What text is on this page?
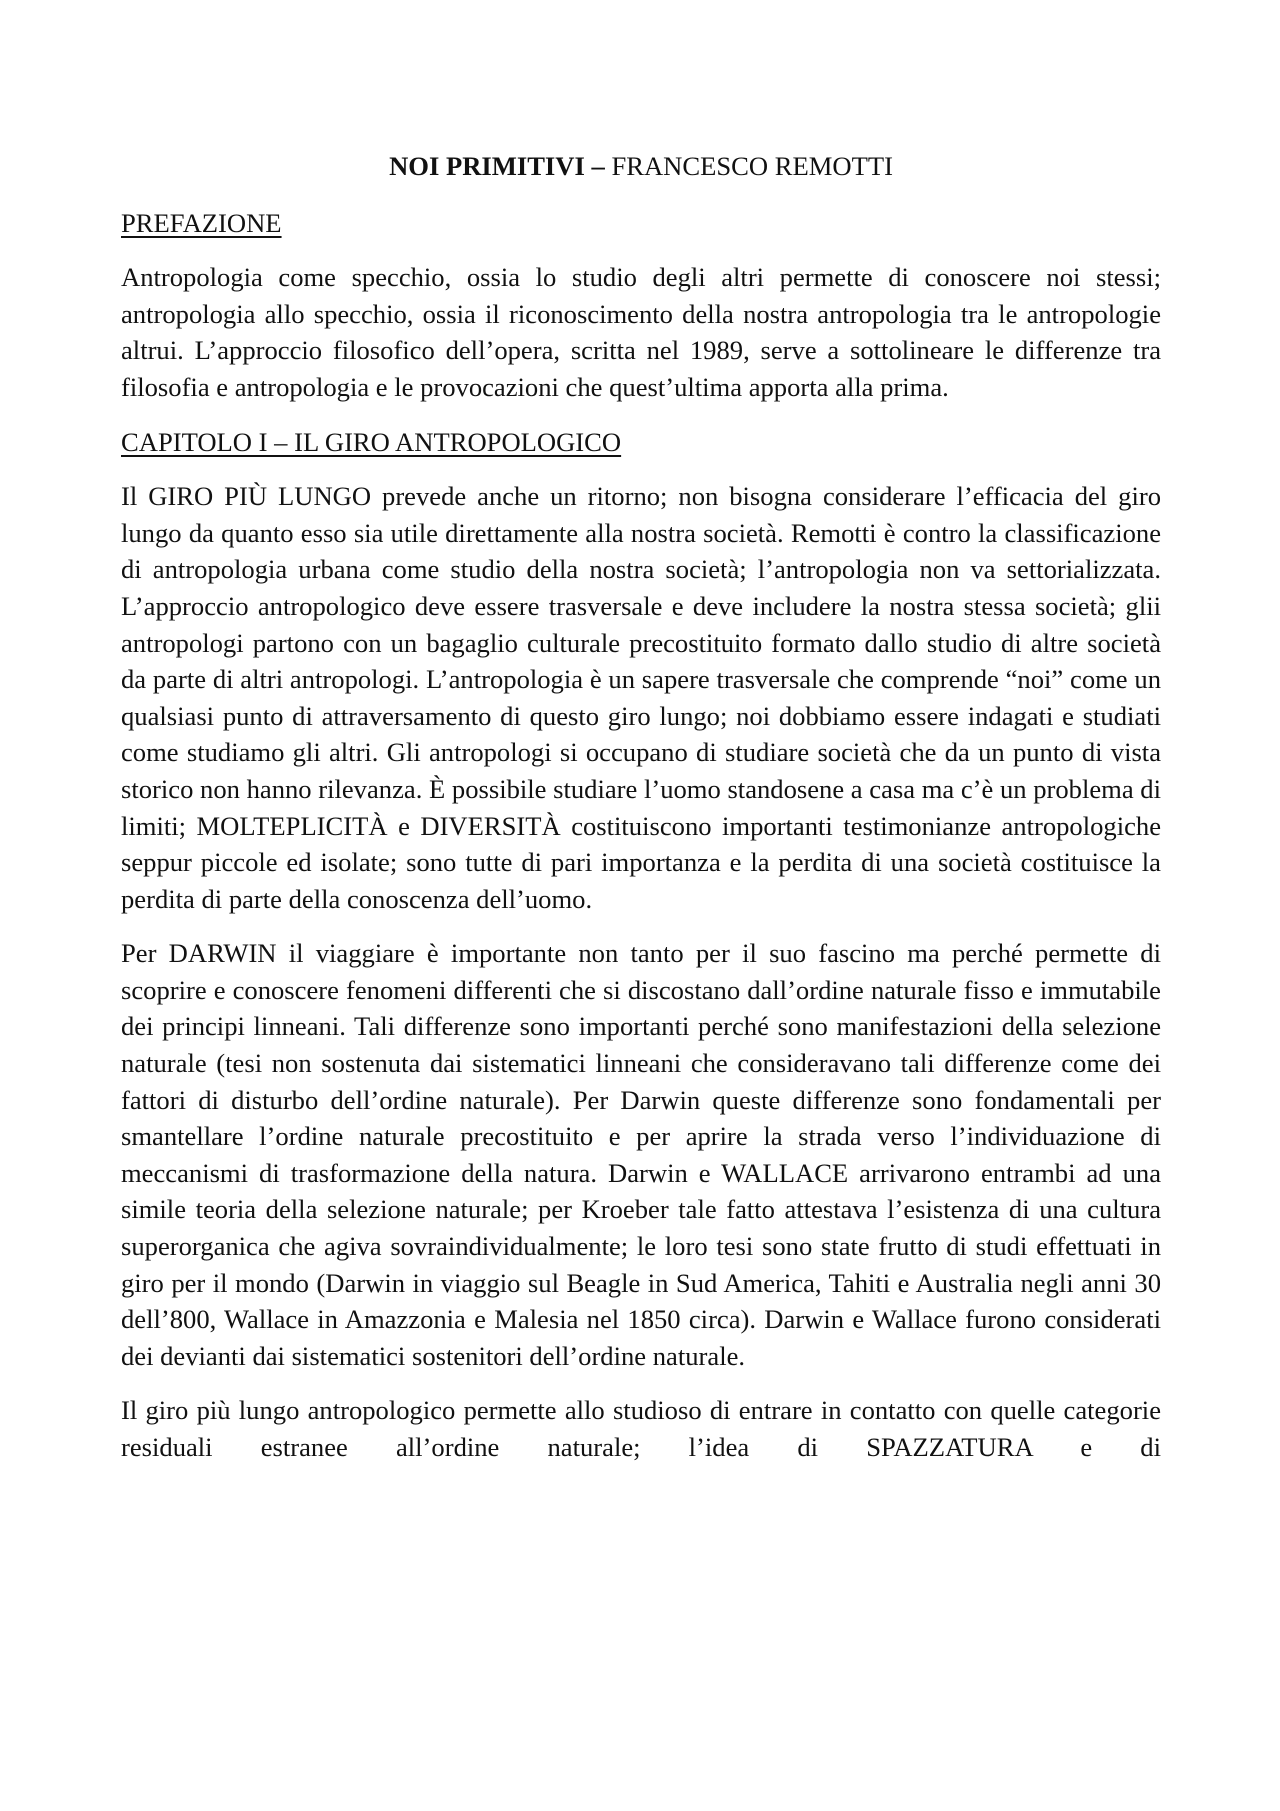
NOI PRIMITIVI – FRANCESCO REMOTTI
PREFAZIONE

Antropologia come specchio, ossia lo studio degli altri permette di conoscere noi stessi; antropologia allo specchio, ossia il riconoscimento della nostra antropologia tra le antropologie altrui. L’approccio filosofico dell’opera, scritta nel 1989, serve a sottolineare le differenze tra filosofia e antropologia e le provocazioni che quest’ultima apporta alla prima.

CAPITOLO I – IL GIRO ANTROPOLOGICO

Il GIRO PIÙ LUNGO prevede anche un ritorno; non bisogna considerare l’efficacia del giro lungo da quanto esso sia utile direttamente alla nostra società. Remotti è contro la classificazione di antropologia urbana come studio della nostra società; l’antropologia non va settorializzata. L’approccio antropologico deve essere trasversale e deve includere la nostra stessa società; glii antropologi partono con un bagaglio culturale precostituito formato dallo studio di altre società da parte di altri antropologi. L’antropologia è un sapere trasversale che comprende “noi” come un qualsiasi punto di attraversamento di questo giro lungo; noi dobbiamo essere indagati e studiati come studiamo gli altri. Gli antropologi si occupano di studiare società che da un punto di vista storico non hanno rilevanza. È possibile studiare l’uomo standosene a casa ma c’è un problema di limiti; MOLTEPLICITÀ e DIVERSITÀ costituiscono importanti testimonianze antropologiche seppur piccole ed isolate; sono tutte di pari importanza e la perdita di una società costituisce la perdita di parte della conoscenza dell’uomo.

Per DARWIN il viaggiare è importante non tanto per il suo fascino ma perché permette di scoprire e conoscere fenomeni differenti che si discostano dall’ordine naturale fisso e immutabile dei principi linneani. Tali differenze sono importanti perché sono manifestazioni della selezione naturale (tesi non sostenuta dai sistematici linneani che consideravano tali differenze come dei fattori di disturbo dell’ordine naturale). Per Darwin queste differenze sono fondamentali per smantellare l’ordine naturale precostituito e per aprire la strada verso l’individuazione di meccanismi di trasformazione della natura. Darwin e WALLACE arrivarono entrambi ad una simile teoria della selezione naturale; per Kroeber tale fatto attestava l’esistenza di una cultura superorganica che agiva sovraindividualmente; le loro tesi sono state frutto di studi effettuati in giro per il mondo (Darwin in viaggio sul Beagle in Sud America, Tahiti e Australia negli anni 30 dell’800, Wallace in Amazzonia e Malesia nel 1850 circa). Darwin e Wallace furono considerati dei devianti dai sistematici sostenitori dell’ordine naturale.

Il giro più lungo antropologico permette allo studioso di entrare in contatto con quelle categorie residuali estranee all’ordine naturale; l’idea di SPAZZATURA e di
